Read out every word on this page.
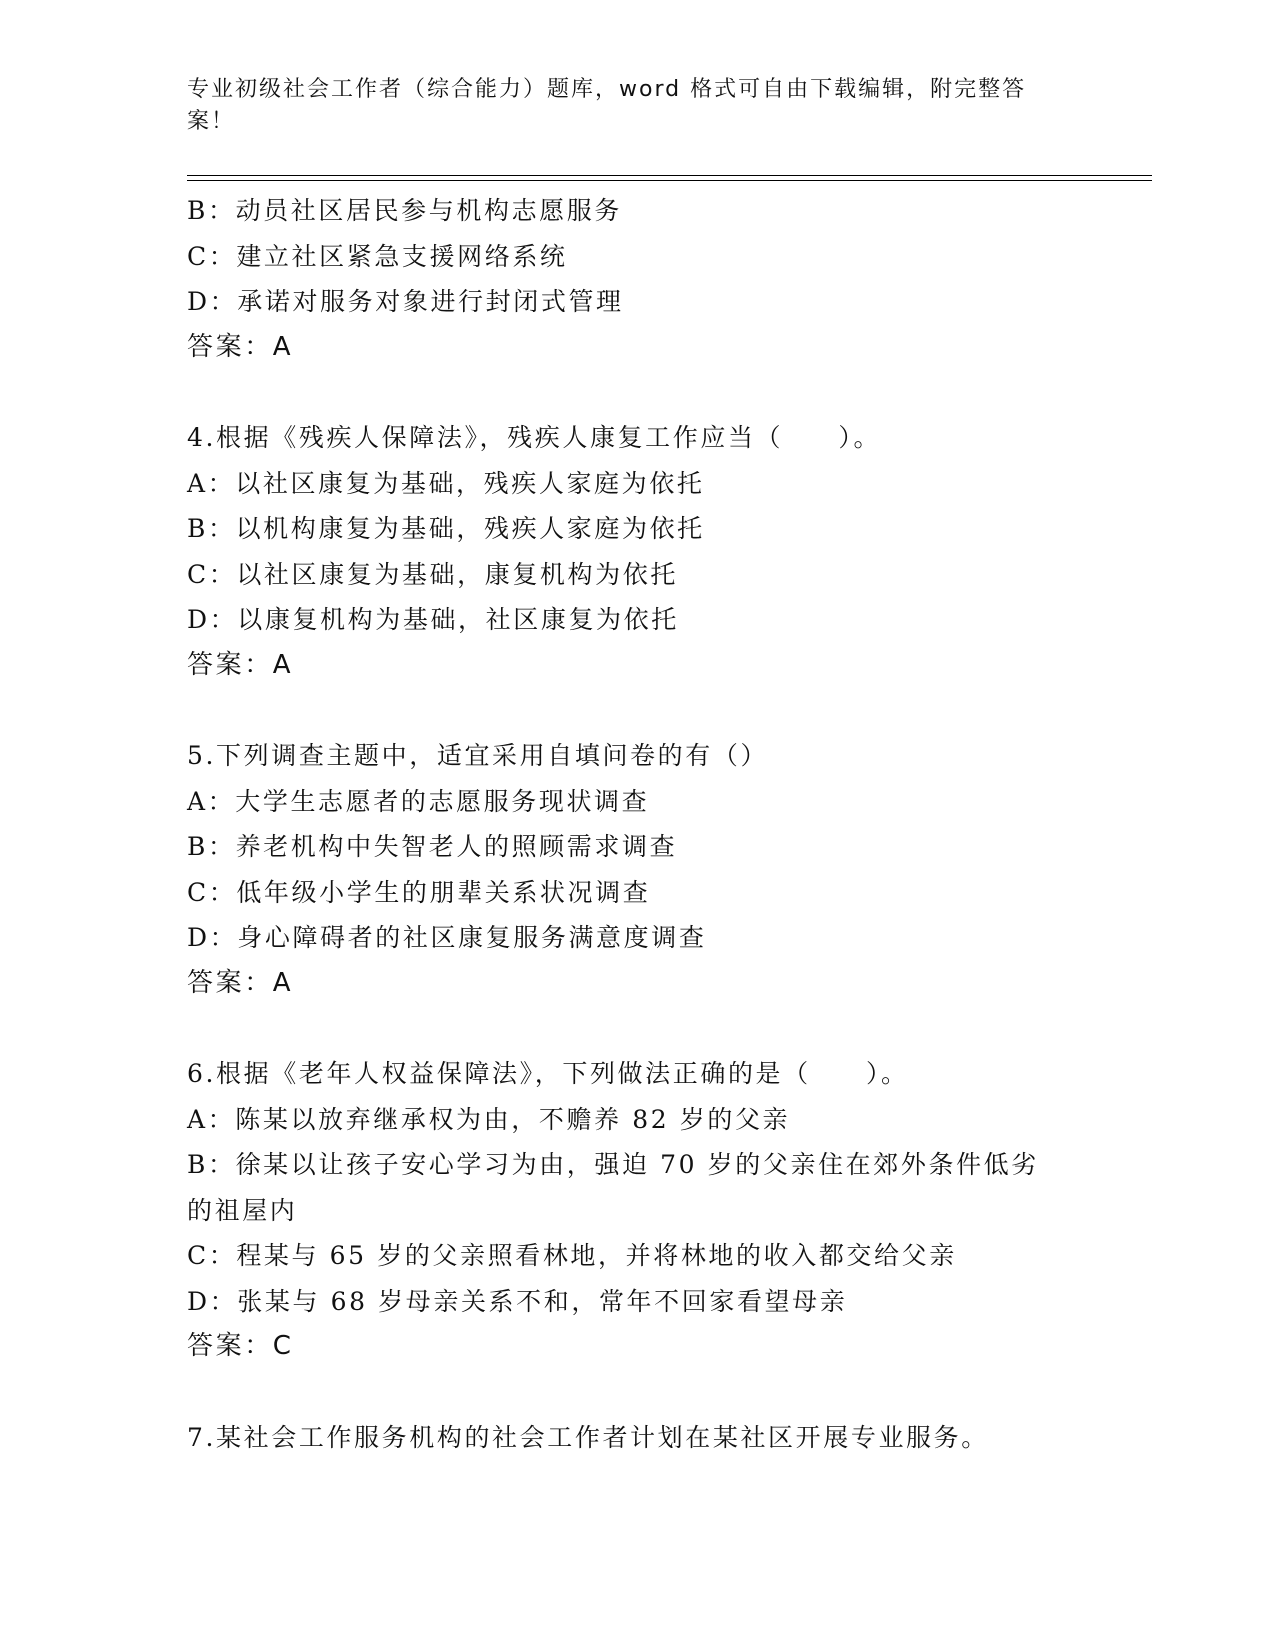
专业初级社会工作者（综合能力）题库，word 格式可自由下载编辑，附完整答案！
B：动员社区居民参与机构志愿服务
C：建立社区紧急支援网络系统
D：承诺对服务对象进行封闭式管理
答案：A
4.根据《残疾人保障法》，残疾人康复工作应当（　　）。
A：以社区康复为基础，残疾人家庭为依托
B：以机构康复为基础，残疾人家庭为依托
C：以社区康复为基础，康复机构为依托
D：以康复机构为基础，社区康复为依托
答案：A
5.下列调查主题中，适宜采用自填问卷的有（）
A：大学生志愿者的志愿服务现状调查
B：养老机构中失智老人的照顾需求调查
C：低年级小学生的朋辈关系状况调查
D：身心障碍者的社区康复服务满意度调查
答案：A
6.根据《老年人权益保障法》，下列做法正确的是（　　）。
A：陈某以放弃继承权为由，不赡养 82 岁的父亲
B：徐某以让孩子安心学习为由，强迫 70 岁的父亲住在郊外条件低劣
的祖屋内
C：程某与 65 岁的父亲照看林地，并将林地的收入都交给父亲
D：张某与 68 岁母亲关系不和，常年不回家看望母亲
答案：C
7.某社会工作服务机构的社会工作者计划在某社区开展专业服务。
